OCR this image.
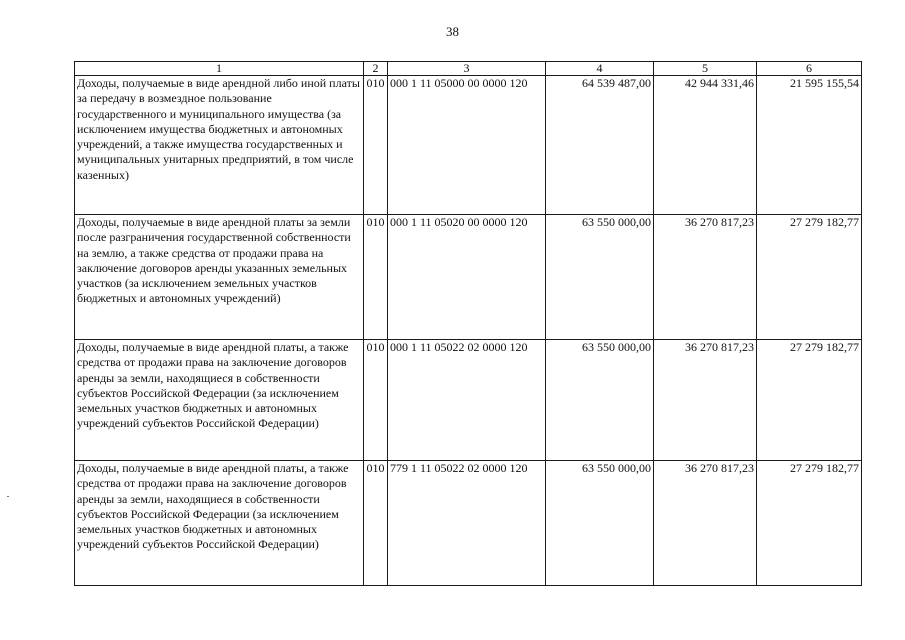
38
1	2	3	4	5	6
Доходы, получаемые в виде арендной либо иной платы за передачу в возмездное пользование государственного и муниципального имущества (за исключением имущества бюджетных и автономных учреждений, а также имущества государственных и муниципальных унитарных предприятий, в том числе казенных)	010	000 1 11 05000 00 0000 120	64 539 487,00	42 944 331,46	21 595 155,54
Доходы, получаемые в виде арендной платы за земли после разграничения государственной собственности на землю, а также средства от продажи права на заключение договоров аренды указанных земельных участков (за исключением земельных участков бюджетных и автономных учреждений)	010	000 1 11 05020 00 0000 120	63 550 000,00	36 270 817,23	27 279 182,77
Доходы, получаемые в виде арендной платы, а также средства от продажи права на заключение договоров аренды за земли, находящиеся в собственности субъектов Российской Федерации (за исключением земельных участков бюджетных и автономных учреждений субъектов Российской Федерации)	010	000 1 11 05022 02 0000 120	63 550 000,00	36 270 817,23	27 279 182,77
Доходы, получаемые в виде арендной платы, а также средства от продажи права на заключение договоров аренды за земли, находящиеся в собственности субъектов Российской Федерации (за исключением земельных участков бюджетных и автономных учреждений субъектов Российской Федерации)	010	779 1 11 05022 02 0000 120	63 550 000,00	36 270 817,23	27 279 182,77
